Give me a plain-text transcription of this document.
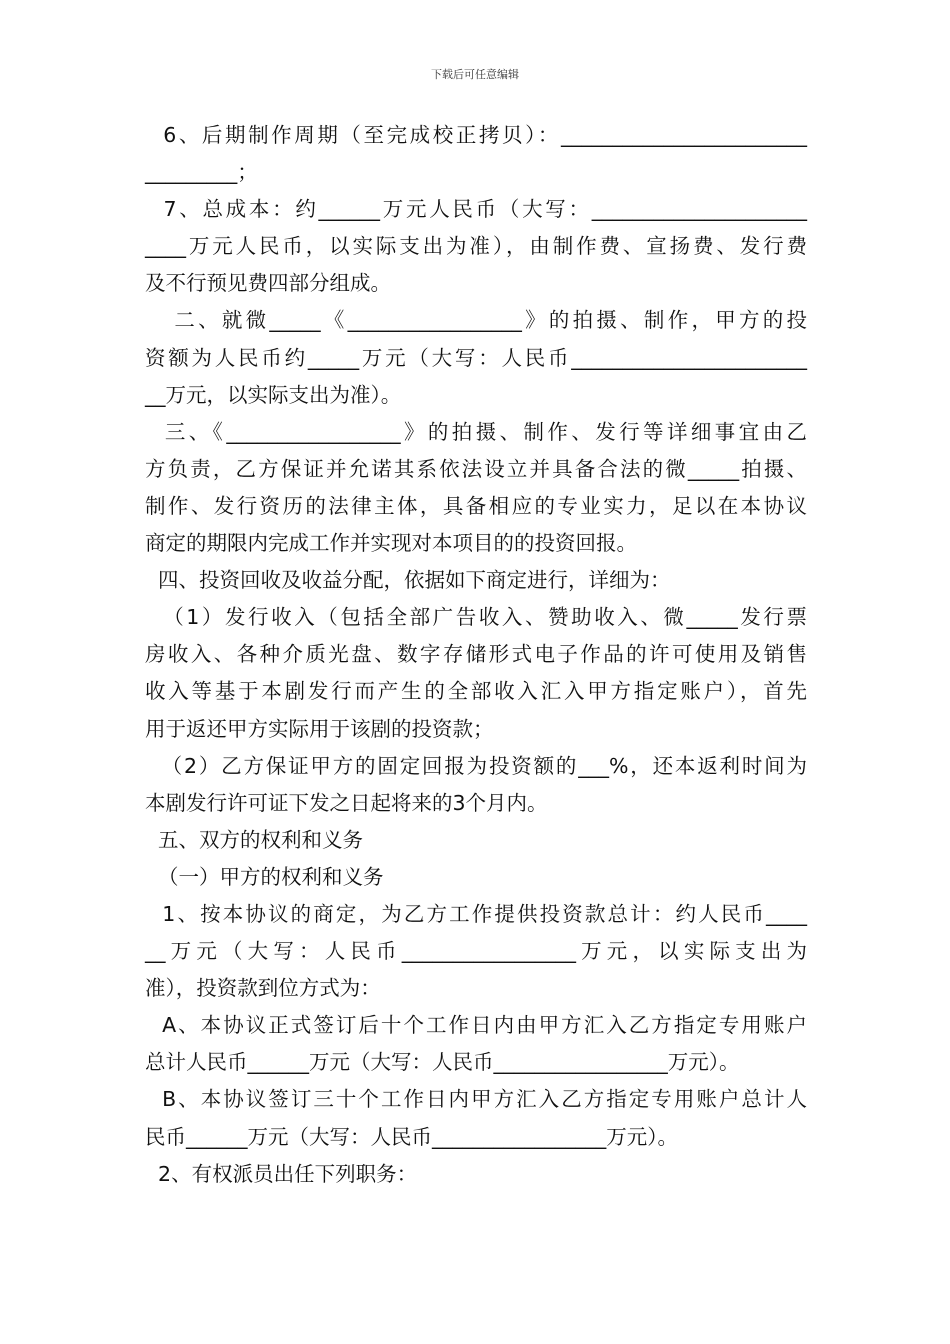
下载后可任意编辑
6、后期制作周期（至完成校正拷贝）：________________________
_________；
7、总成本：约______万元人民币（大写：_____________________
____万元人民币，以实际支出为准），由制作费、宣扬费、发行费
及不行预见费四部分组成。
二、就微_____《_________________》的拍摄、制作，甲方的投
资额为人民币约_____万元（大写：人民币_______________________
__万元，以实际支出为准）。
三、《_________________》的拍摄、制作、发行等详细事宜由乙
方负责，乙方保证并允诺其系依法设立并具备合法的微_____拍摄、
制作、发行资历的法律主体，具备相应的专业实力，足以在本协议
商定的期限内完成工作并实现对本项目的的投资回报。
四、投资回收及收益分配，依据如下商定进行，详细为：
（1）发行收入（包括全部广告收入、赞助收入、微_____发行票
房收入、各种介质光盘、数字存储形式电子作品的许可使用及销售
收入等基于本剧发行而产生的全部收入汇入甲方指定账户），首先
用于返还甲方实际用于该剧的投资款；
（2）乙方保证甲方的固定回报为投资额的___%，还本返利时间为
本剧发行许可证下发之日起将来的3个月内。
五、双方的权利和义务
（一）甲方的权利和义务
1、按本协议的商定，为乙方工作提供投资款总计：约人民币____
__万元（大写：人民币_________________万元，以实际支出为
准），投资款到位方式为：
A、本协议正式签订后十个工作日内由甲方汇入乙方指定专用账户
总计人民币______万元（大写：人民币_________________万元）。
B、本协议签订三十个工作日内甲方汇入乙方指定专用账户总计人
民币______万元（大写：人民币_________________万元）。
2、有权派员出任下列职务：
